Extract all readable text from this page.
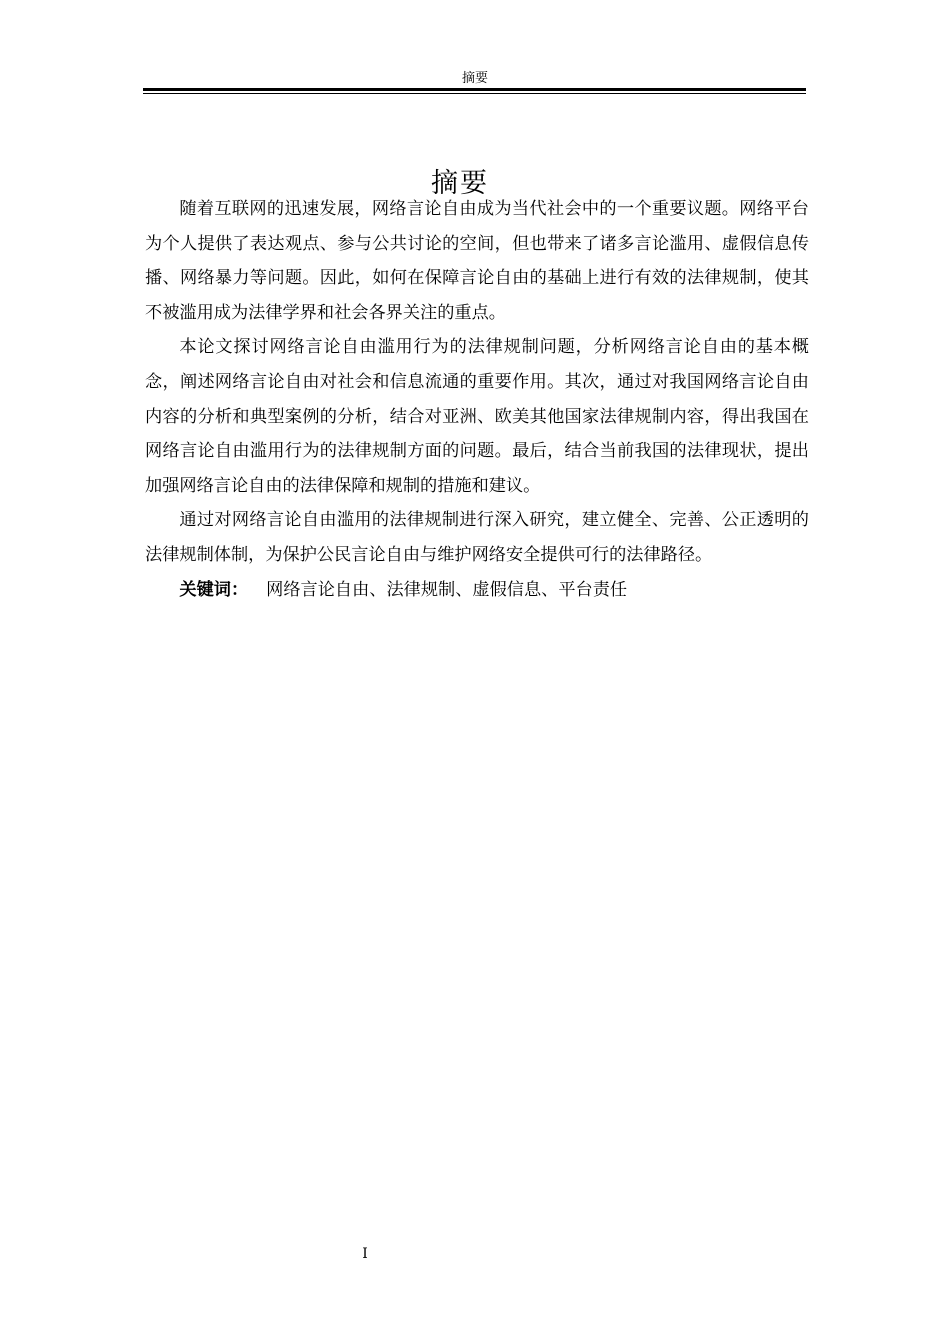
摘要
摘要

随着互联网的迅速发展，网络言论自由成为当代社会中的一个重要议题。网络平台为个人提供了表达观点、参与公共讨论的空间，但也带来了诸多言论滥用、虚假信息传播、网络暴力等问题。因此，如何在保障言论自由的基础上进行有效的法律规制，使其不被滥用成为法律学界和社会各界关注的重点。

本论文探讨网络言论自由滥用行为的法律规制问题，分析网络言论自由的基本概念，阐述网络言论自由对社会和信息流通的重要作用。其次，通过对我国网络言论自由内容的分析和典型案例的分析，结合对亚洲、欧美其他国家法律规制内容，得出我国在网络言论自由滥用行为的法律规制方面的问题。最后，结合当前我国的法律现状，提出加强网络言论自由的法律保障和规制的措施和建议。

通过对网络言论自由滥用的法律规制进行深入研究，建立健全、完善、公正透明的法律规制体制，为保护公民言论自由与维护网络安全提供可行的法律路径。

关键词： 网络言论自由、法律规制、虚假信息、平台责任

I
